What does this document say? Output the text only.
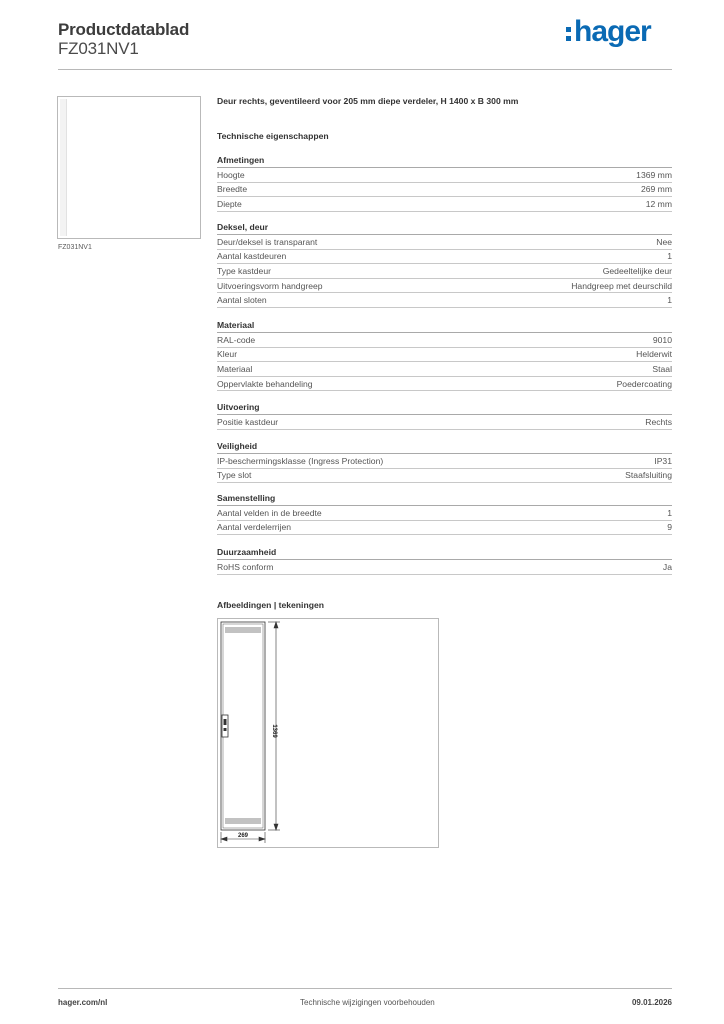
Productdatablad
FZ031NV1
hager
FZ031NV1
Deur rechts, geventileerd voor 205 mm diepe verdeler, H 1400 x B 300 mm
Technische eigenschappen
Afmetingen
Hoogte	1369 mm
Breedte	269 mm
Diepte	12 mm
Deksel, deur
Deur/deksel is transparant	Nee
Aantal kastdeuren	1
Type kastdeur	Gedeeltelijke deur
Uitvoeringsvorm handgreep	Handgreep met deurschild
Aantal sloten	1
Materiaal
RAL-code	9010
Kleur	Helderwit
Materiaal	Staal
Oppervlakte behandeling	Poedercoating
Uitvoering
Positie kastdeur	Rechts
Veiligheid
IP-beschermingsklasse (Ingress Protection)	IP31
Type slot	Staafsluiting
Samenstelling
Aantal velden in de breedte	1
Aantal verdelerrijen	9
Duurzaamheid
RoHS conform	Ja
Afbeeldingen | tekeningen
1369
269
hager.com/nl	Technische wijzigingen voorbehouden	09.01.2026
